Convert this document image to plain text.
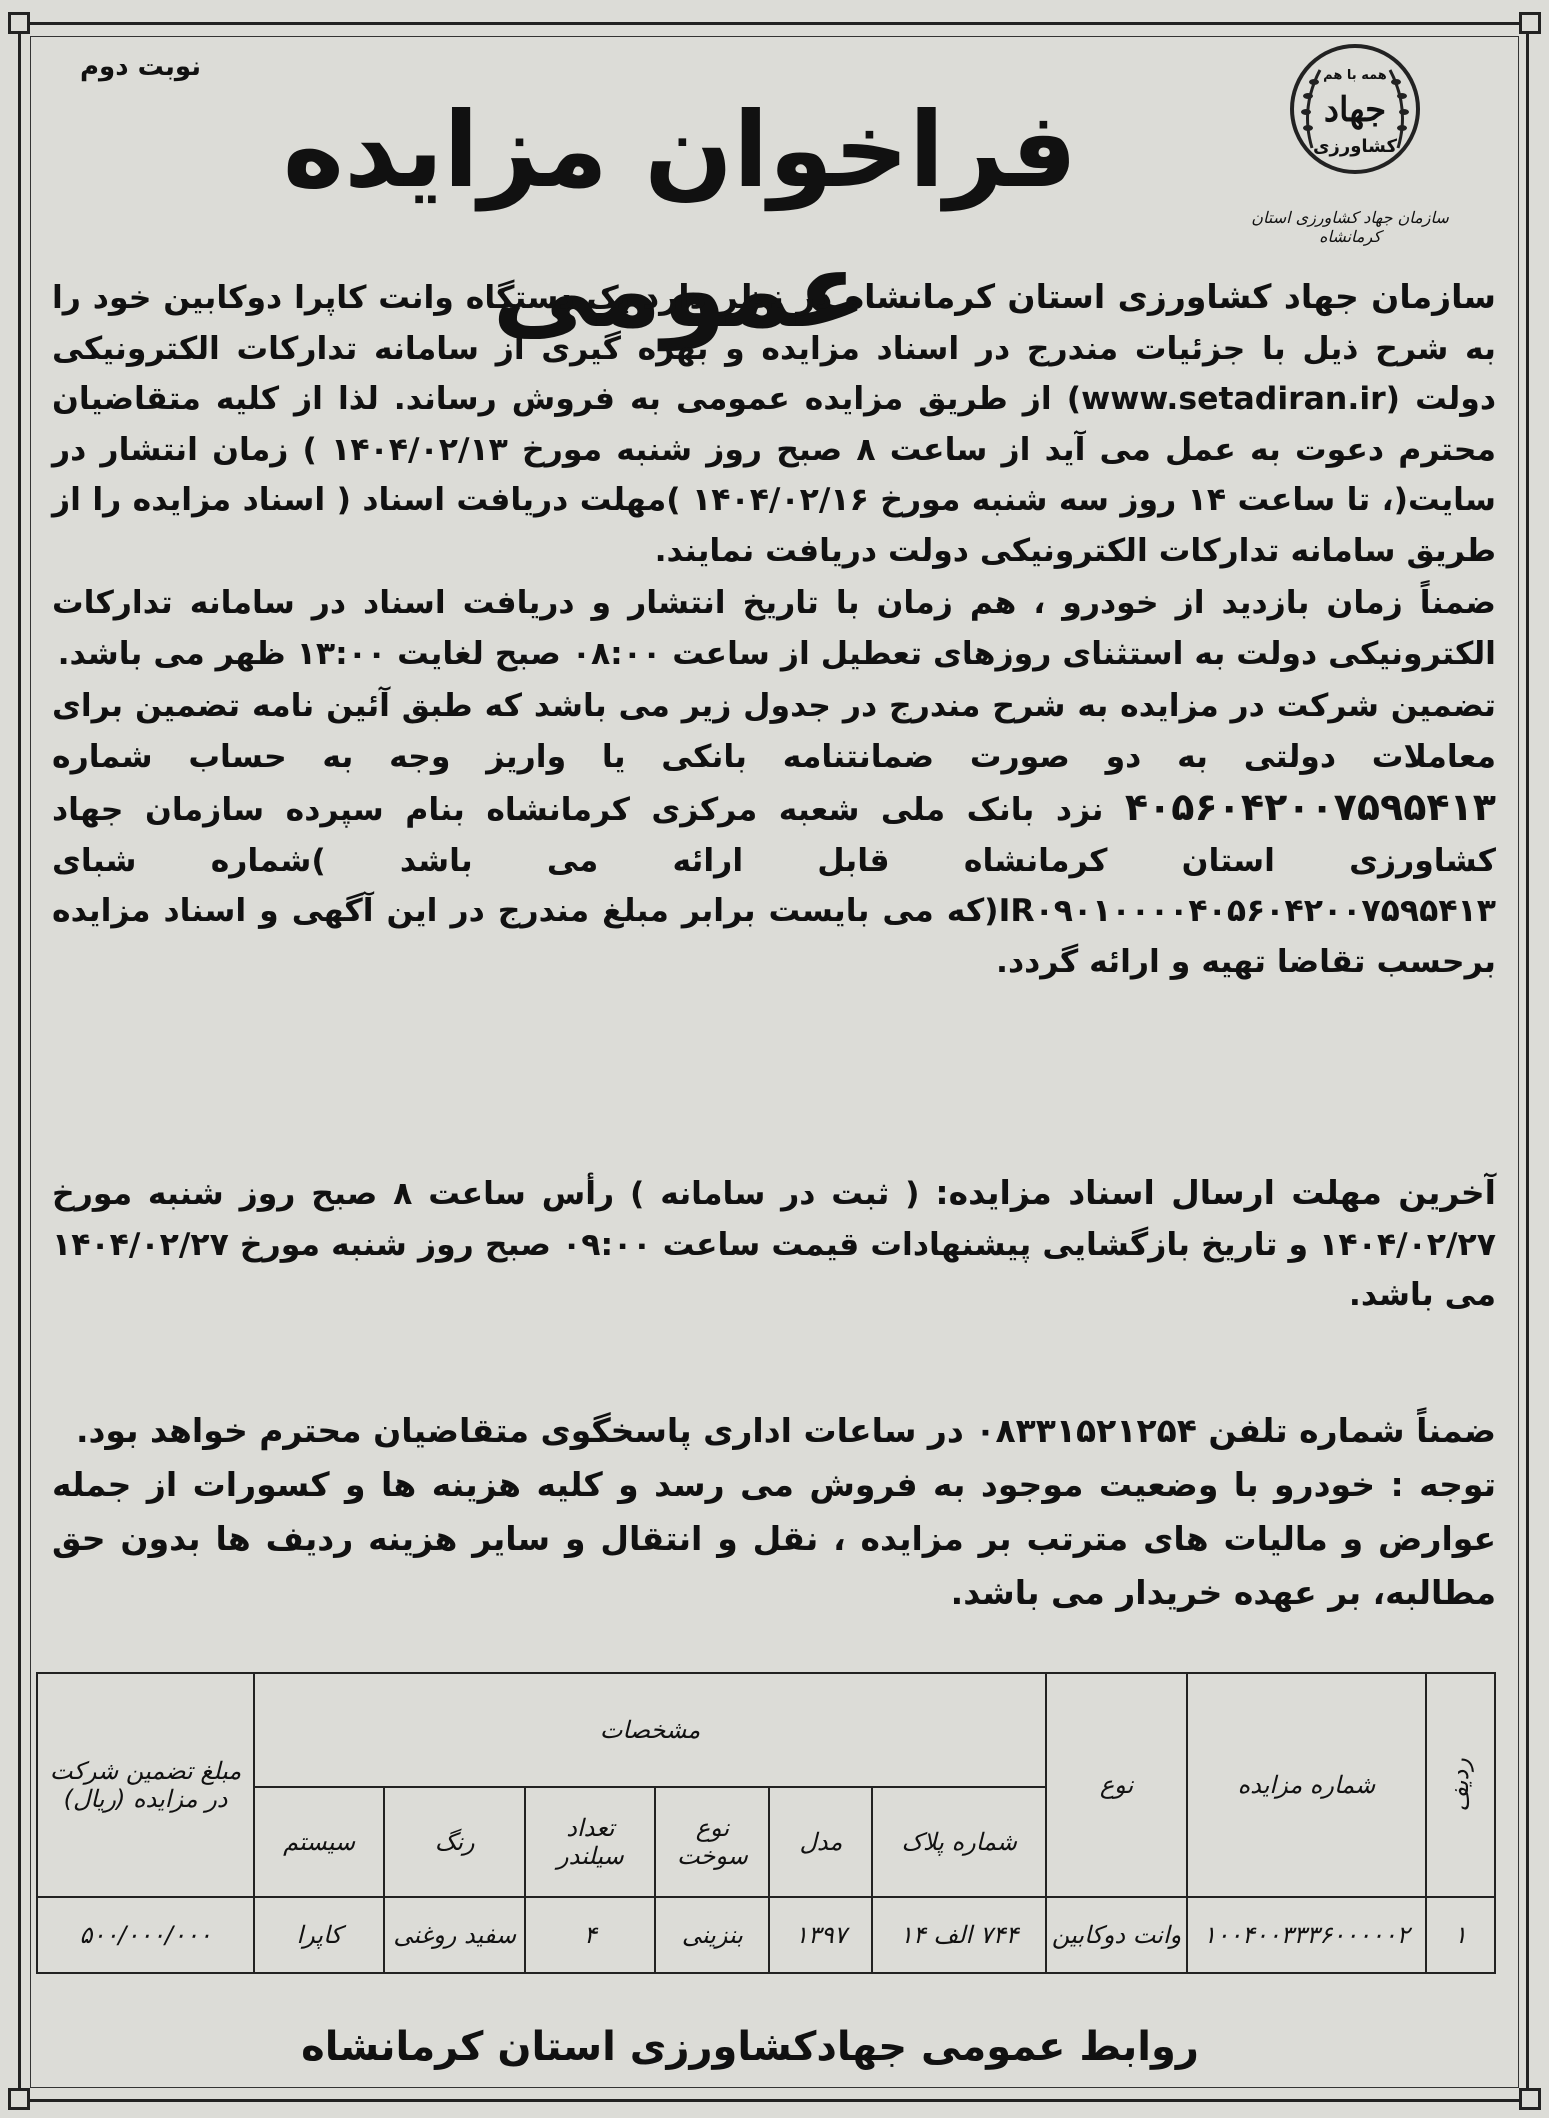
نوبت دوم
فراخوان مزایده عمومی
همه با هم
جهاد
کشاورزی
سازمان جهاد کشاورزی استان کرمانشاه

سازمان جهاد کشاورزی استان کرمانشاه در نظر دارد یک دستگاه وانت کاپرا دوکابین خود را به شرح ذیل با جزئیات مندرج در اسناد مزایده و بهره گیری از سامانه تدارکات الکترونیکی دولت (www.setadiran.ir) از طریق مزایده عمومی به فروش رساند. لذا از کلیه متقاضیان محترم دعوت به عمل می آید از ساعت ۸ صبح روز شنبه مورخ ۱۴۰۴/۰۲/۱۳ ) زمان انتشار در سایت(، تا ساعت ۱۴ روز سه شنبه مورخ ۱۴۰۴/۰۲/۱۶ )مهلت دریافت اسناد ( اسناد مزایده را از طریق سامانه تدارکات الکترونیکی دولت دریافت نمایند.

ضمناً زمان بازدید از خودرو ، هم زمان با تاریخ انتشار و دریافت اسناد در سامانه تدارکات الکترونیکی دولت به استثنای روزهای تعطیل از ساعت ۰۸:۰۰ صبح لغایت ۱۳:۰۰ ظهر می باشد.

تضمین شرکت در مزایده به شرح مندرج در جدول زیر می باشد که طبق آئین نامه تضمین برای معاملات دولتی به دو صورت ضمانتنامه بانکی یا واریز وجه به حساب شماره ۴۰۵۶۰۴۲۰۰۷۵۹۵۴۱۳ نزد بانک ملی شعبه مرکزی کرمانشاه بنام سپرده سازمان جهاد کشاورزی استان کرمانشاه قابل ارائه می باشد )شماره شبای IR۰۹۰۱۰۰۰۰۴۰۵۶۰۴۲۰۰۷۵۹۵۴۱۳(که می بایست برابر مبلغ مندرج در این آگهی و اسناد مزایده برحسب تقاضا تهیه و ارائه گردد.

آخرین مهلت ارسال اسناد مزایده: ( ثبت در سامانه ) رأس ساعت ۸ صبح روز شنبه مورخ ۱۴۰۴/۰۲/۲۷ و تاریخ بازگشایی پیشنهادات قیمت ساعت ۰۹:۰۰ صبح روز شنبه مورخ ۱۴۰۴/۰۲/۲۷ می باشد.

ضمناً شماره تلفن ۰۸۳۳۱۵۲۱۲۵۴ در ساعات اداری پاسخگوی متقاضیان محترم خواهد بود.

توجه : خودرو با وضعیت موجود به فروش می رسد و کلیه هزینه ها و کسورات از جمله عوارض و مالیات های مترتب بر مزایده ، نقل و انتقال و سایر هزینه ردیف ها بدون حق مطالبه، بر عهده خریدار می باشد.

ردیف	شماره مزایده	نوع	مشخصات						مبلغ تضمین شرکت در مزایده (ریال)
			شماره پلاک	مدل	نوع سوخت	تعداد سیلندر	رنگ	سیستم	
۱	۱۰۰۴۰۰۳۳۳۶۰۰۰۰۰۲	وانت دوکابین	۷۴۴ الف ۱۴	۱۳۹۷	بنزینی	۴	سفید روغنی	کاپرا	۵۰۰/۰۰۰/۰۰۰
روابط عمومی جهادکشاورزی استان کرمانشاه
